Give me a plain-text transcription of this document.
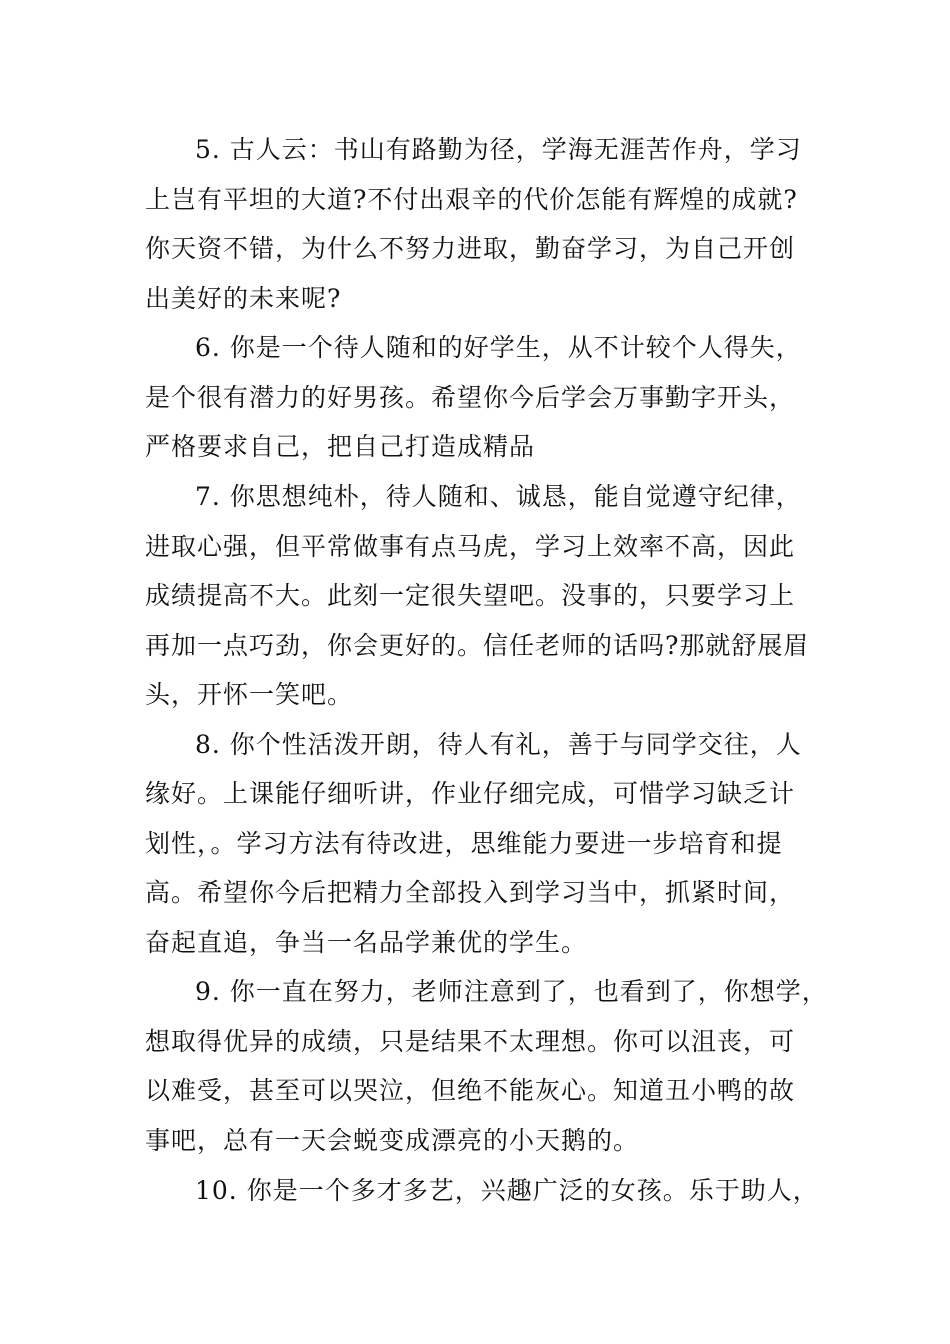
5. 古人云：书山有路勤为径，学海无涯苦作舟，学习
上岂有平坦的大道?不付出艰辛的代价怎能有辉煌的成就?
你天资不错，为什么不努力进取，勤奋学习，为自己开创
出美好的未来呢?
6. 你是一个待人随和的好学生，从不计较个人得失，
是个很有潜力的好男孩。希望你今后学会万事勤字开头，
严格要求自己，把自己打造成精品
7. 你思想纯朴，待人随和、诚恳，能自觉遵守纪律，
进取心强，但平常做事有点马虎，学习上效率不高，因此
成绩提高不大。此刻一定很失望吧。没事的，只要学习上
再加一点巧劲，你会更好的。信任老师的话吗?那就舒展眉
头，开怀一笑吧。
8. 你个性活泼开朗，待人有礼，善于与同学交往，人
缘好。上课能仔细听讲，作业仔细完成，可惜学习缺乏计
划性，。学习方法有待改进，思维能力要进一步培育和提
高。希望你今后把精力全部投入到学习当中，抓紧时间，
奋起直追，争当一名品学兼优的学生。
9. 你一直在努力，老师注意到了，也看到了，你想学，
想取得优异的成绩，只是结果不太理想。你可以沮丧，可
以难受，甚至可以哭泣，但绝不能灰心。知道丑小鸭的故
事吧，总有一天会蜕变成漂亮的小天鹅的。
10. 你是一个多才多艺，兴趣广泛的女孩。乐于助人，
